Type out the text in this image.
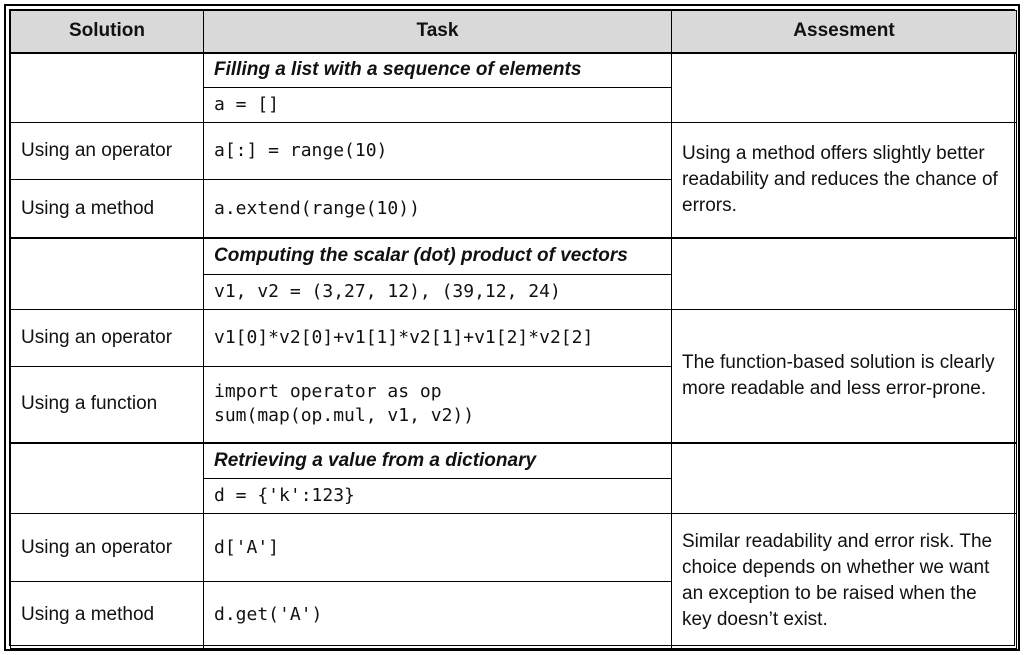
Solution	Task	Assesment
	Filling a list with a sequence of elements	
	a = []	
Using an operator	a[:] = range(10)	Using a method offers slightly better readability and reduces the chance of errors.
Using a method	a.extend(range(10))	

	Computing the scalar (dot) product of vectors	
	v1, v2 = (3,27, 12), (39,12, 24)	
Using an operator	v1[0]*v2[0]+v1[1]*v2[1]+v1[2]*v2[2]	The function-based solution is clearly more readable and less error-prone.
Using a function	import operator as op
sum(map(op.mul, v1, v2))	

	Retrieving a value from a dictionary	
	d = {'k':123}	
Using an operator	d['A']	Similar readability and error risk. The choice depends on whether we want an exception to be raised when the key doesn’t exist.
Using a method	d.get('A')	
